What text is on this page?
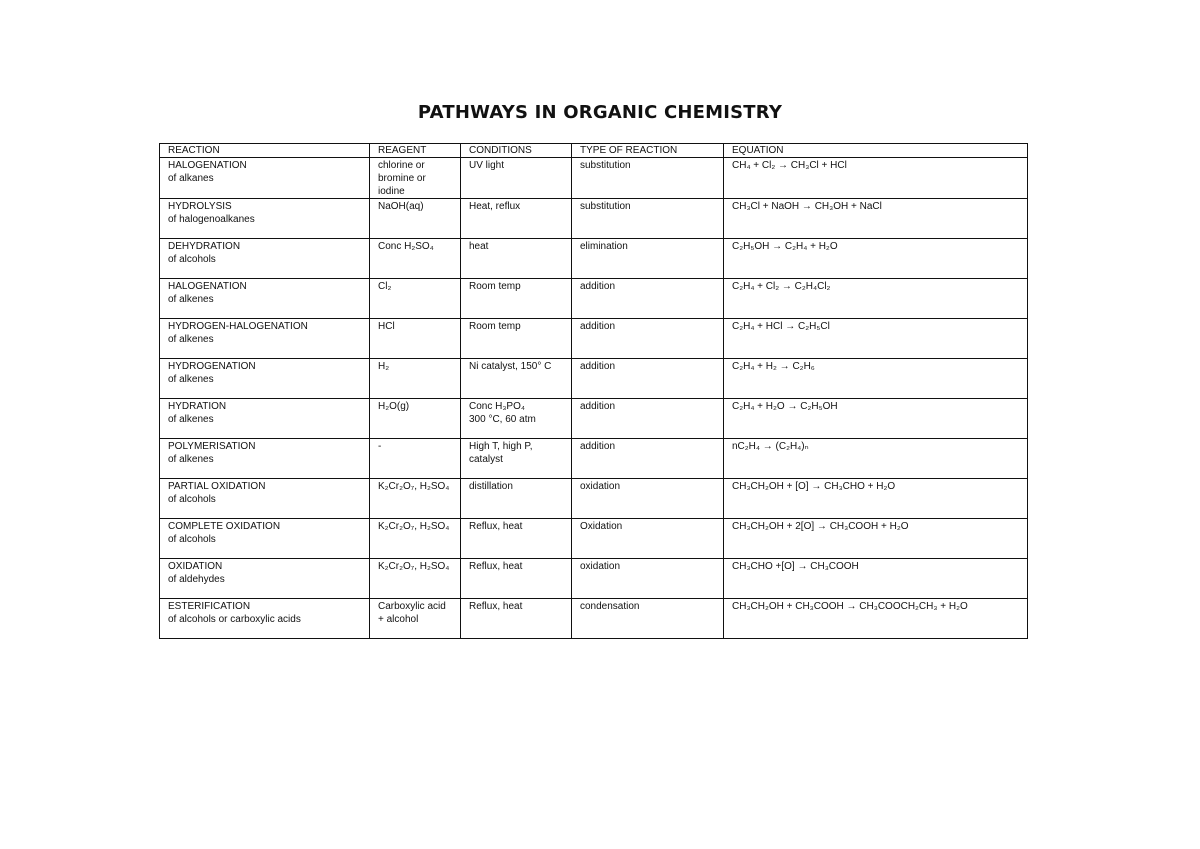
PATHWAYS IN ORGANIC CHEMISTRY
REACTION	REAGENT	CONDITIONS	TYPE OF REACTION	EQUATION

HALOGENATION
of alkanes	chlorine or
bromine or
iodine	UV light	substitution	CH₄ + Cl₂ → CH₃Cl + HCl

HYDROLYSIS
of halogenoalkanes	NaOH(aq)	Heat, reflux	substitution	CH₃Cl + NaOH → CH₃OH + NaCl

DEHYDRATION
of alcohols	Conc H₂SO₄	heat	elimination	C₂H₅OH → C₂H₄ + H₂O

HALOGENATION
of alkenes	Cl₂	Room temp	addition	C₂H₄ + Cl₂ → C₂H₄Cl₂

HYDROGEN-HALOGENATION
of alkenes	HCl	Room temp	addition	C₂H₄ + HCl → C₂H₅Cl

HYDROGENATION
of alkenes	H₂	Ni catalyst, 150° C	addition	C₂H₄ + H₂ → C₂H₆

HYDRATION
of alkenes	H₂O(g)	Conc H₃PO₄
300 °C, 60 atm	addition	C₂H₄ + H₂O → C₂H₅OH

POLYMERISATION
of alkenes	-	High T, high P,
catalyst	addition	nC₂H₄ → (C₂H₄)ₙ

PARTIAL OXIDATION
of alcohols	K₂Cr₂O₇, H₂SO₄	distillation	oxidation	CH₃CH₂OH + [O] → CH₃CHO + H₂O

COMPLETE OXIDATION
of alcohols	K₂Cr₂O₇, H₂SO₄	Reflux, heat	Oxidation	CH₃CH₂OH + 2[O] → CH₃COOH + H₂O

OXIDATION
of aldehydes	K₂Cr₂O₇, H₂SO₄	Reflux, heat	oxidation	CH₃CHO +[O] → CH₃COOH

ESTERIFICATION
of alcohols or carboxylic acids	Carboxylic acid
+ alcohol	Reflux, heat	condensation	CH₃CH₂OH + CH₃COOH → CH₃COOCH₂CH₃ + H₂O
